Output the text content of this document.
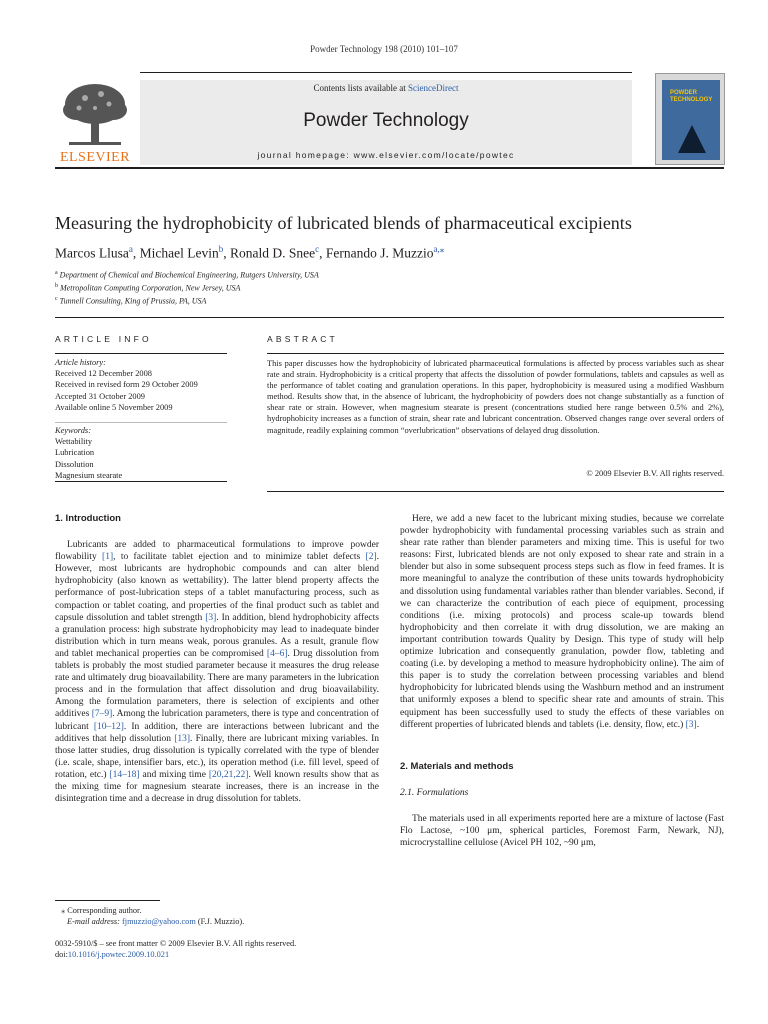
Powder Technology 198 (2010) 101–107
ELSEVIER
Contents lists available at ScienceDirect
Powder Technology
journal homepage: www.elsevier.com/locate/powtec
POWDER TECHNOLOGY
Measuring the hydrophobicity of lubricated blends of pharmaceutical excipients
Marcos Llusa$^a$, Michael Levin$^b$, Ronald D. Snee$^c$, Fernando J. Muzzio$^{a,⁎}$
$^a$ Department of Chemical and Biochemical Engineering, Rutgers University, USA
$^b$ Metropolitan Computing Corporation, New Jersey, USA
$^c$ Tunnell Consulting, King of Prussia, PA, USA
ARTICLE INFO	ABSTRACT
Article history:
Received 12 December 2008
Received in revised form 29 October 2009
Accepted 31 October 2009
Available online 5 November 2009
Keywords:
Wettability
Lubrication
Dissolution
Magnesium stearate
This paper discusses how the hydrophobicity of lubricated pharmaceutical formulations is affected by process variables such as shear rate and strain. Hydrophobicity is a critical property that affects the dissolution of powder formulations, tablets and capsules as well as the performance of tablet coating and granulation operations. In this paper, hydrophobicity is measured using a modified Washburn method. Results show that, in the absence of lubricant, the hydrophobicity of powders does not change substantially as a function of shear rate or strain. However, when magnesium stearate is present (concentrations studied here range between 0.5% and 2%), hydrophobicity increases as a function of strain, shear rate and lubricant concentration. Observed changes range over several orders of magnitude, readily explaining common “overlubrication” observations of delayed drug dissolution.
© 2009 Elsevier B.V. All rights reserved.
1. Introduction

Lubricants are added to pharmaceutical formulations to improve powder flowability [1], to facilitate tablet ejection and to minimize tablet defects [2]. However, most lubricants are hydrophobic compounds and can alter blend hydrophobicity (also known as wettability). The latter blend property affects the performance of post-lubrication steps of a tablet manufacturing process, such as compaction or tablet coating, and properties of the final product such as tablet and capsule dissolution and tablet strength [3]. In addition, blend hydrophobicity affects a granulation process: high substrate hydrophobicity may lead to inadequate binder distribution which in turn means weak, porous granules. As a result, granule flow and tablet mechanical properties can be compromised [4–6]. Drug dissolution from tablets is probably the most studied parameter because it measures the drug release rate and ultimately drug bioavailability. There are many parameters in the lubrication process and in the formulation that affect dissolution and drug bioavailability. Among the formulation parameters, there is selection of excipients and other additives [7–9]. Among the lubrication parameters, there is type and concentration of lubricant [10–12]. In addition, there are interactions between lubricant and the additives that help dissolution [13]. Finally, there are lubricant mixing variables. In those latter studies, drug dissolution is typically correlated with the type of blender (i.e. scale, shape, intensifier bars, etc.), its operation method (i.e. fill level, speed of rotation, etc.) [14–18] and mixing time [20,21,22]. Well known results show that as the mixing time for magnesium stearate increases, there is an increase in the disintegration time and a decrease in drug dissolution for tablets.

Here, we add a new facet to the lubricant mixing studies, because we correlate powder hydrophobicity with fundamental processing variables such as strain and shear rate rather than blender parameters and mixing time. This is useful for two reasons: First, lubricated blends are not only exposed to shear rate and strain in a blender but also in some subsequent process steps such as flow in feed frames. It is more meaningful to analyze the contribution of these units towards hydrophobicity and dissolution using fundamental variables rather than blender variables. Second, if we can characterize the contribution of each piece of equipment, processing conditions (i.e. mixing protocols) and process scale-up towards blend hydrophobicity and then correlate it with drug dissolution, we are making an important contribution towards Quality by Design. This type of study will help optimize lubrication and consequently granulation, powder flow, tableting and coating (i.e. by developing a method to measure hydrophobicity online). The aim of this paper is to study the correlation between processing variables and blend hydrophobicity for lubricated blends using the Washburn method and an instrument that uniformly exposes a blend to specific shear rate and amounts of strain. This equipment has been successfully used to study the effects of these variables on different properties of lubricated blends and tablets (i.e. density, flow, etc.) [3].

2. Materials and methods
2.1. Formulations

The materials used in all experiments reported here are a mixture of lactose (Fast Flo Lactose, ~100 μm, spherical particles, Foremost Farm, Newark, NJ), microcrystalline cellulose (Avicel PH 102, ~90 μm,

⁎ Corresponding author.
E-mail address: fjmuzzio@yahoo.com (F.J. Muzzio).
0032-5910/$ – see front matter © 2009 Elsevier B.V. All rights reserved.
doi:10.1016/j.powtec.2009.10.021
